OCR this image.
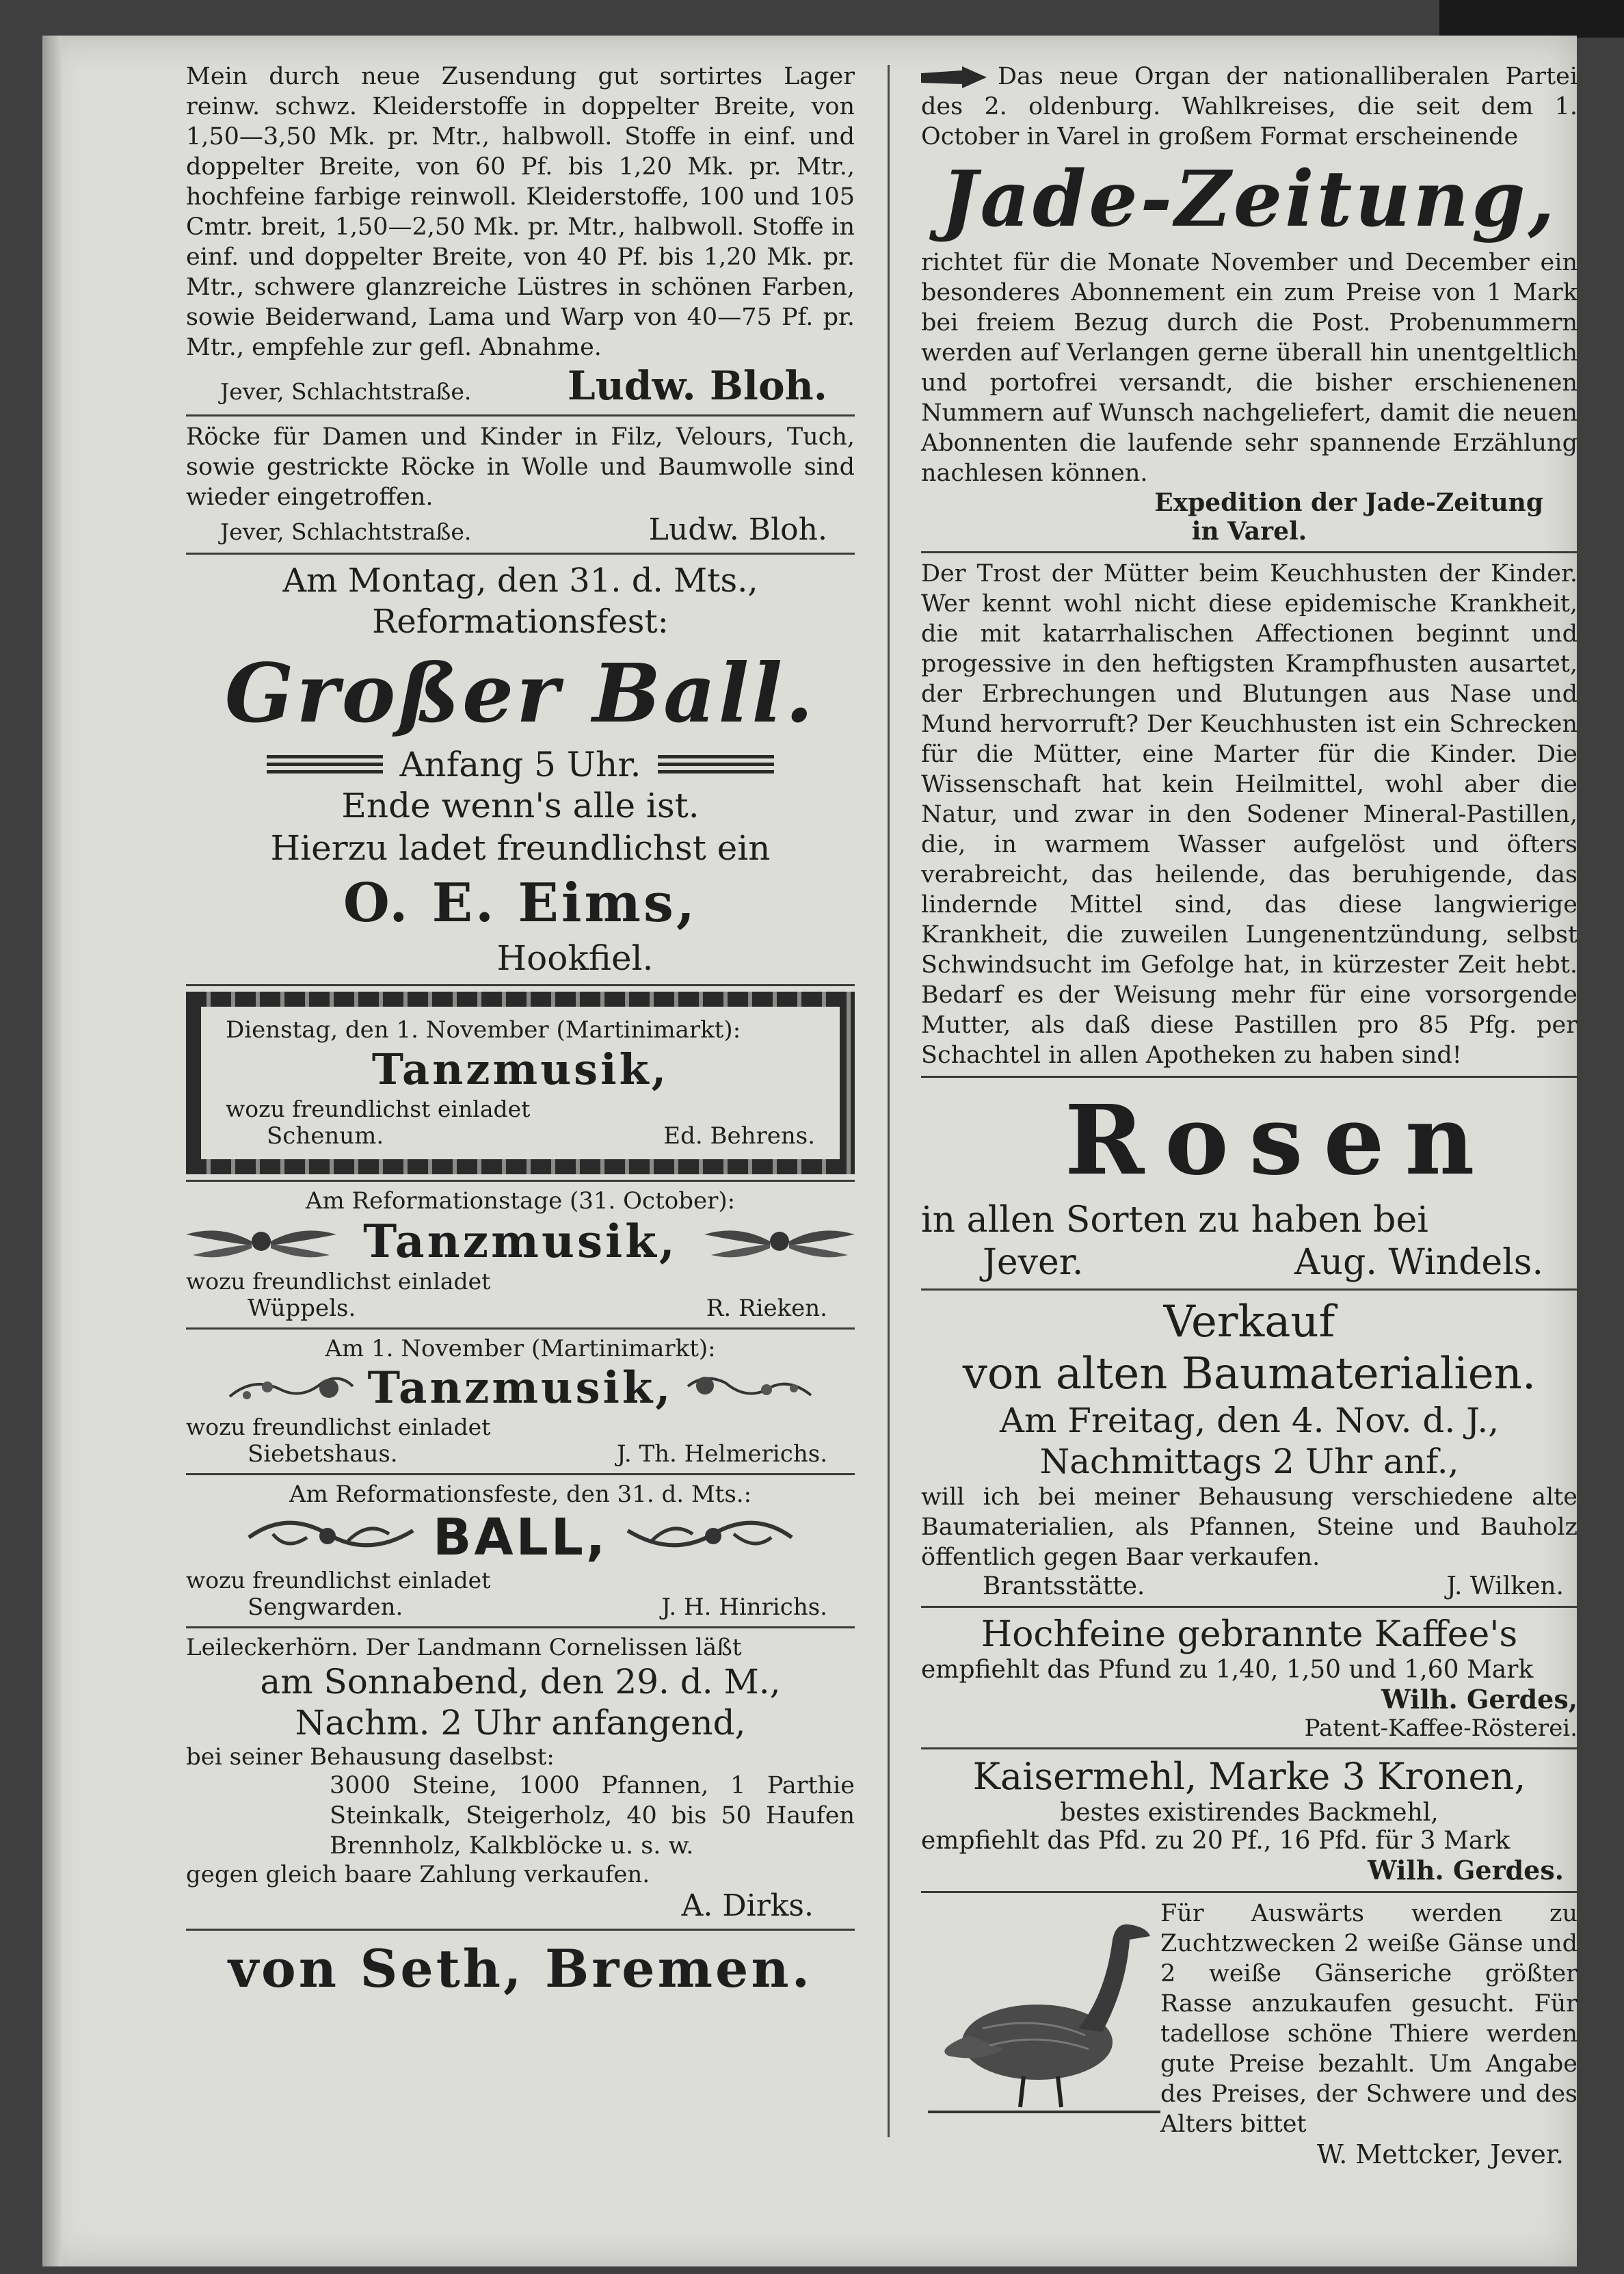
Mein durch neue Zusendung gut sortirtes Lager reinw. schwz. Kleiderstoffe in doppelter Breite, von 1,50—3,50 Mk. pr. Mtr., halbwoll. Stoffe in einf. und doppelter Breite, von 60 Pf. bis 1,20 Mk. pr. Mtr., hochfeine farbige reinwoll. Kleiderstoffe, 100 und 105 Cmtr. breit, 1,50—2,50 Mk. pr. Mtr., halbwoll. Stoffe in einf. und doppelter Breite, von 40 Pf. bis 1,20 Mk. pr. Mtr., schwere glanzreiche Lüstres in schönen Farben, sowie Beiderwand, Lama und Warp von 40—75 Pf. pr. Mtr., empfehle zur gefl. Abnahme.

Jever, Schlachtstraße. Ludw. Bloh.

Röcke für Damen und Kinder in Filz, Velours, Tuch, sowie gestrickte Röcke in Wolle und Baumwolle sind wieder eingetroffen.

Jever, Schlachtstraße.	Ludw. Bloh.
Am Montag, den 31. d. Mts.,
Reformationsfest:
Großer Ball.
Anfang 5 Uhr.
Ende wenn's alle ist.
Hierzu ladet freundlichst ein
O. E. Eims,
Hookfiel.
Dienstag, den 1. November (Martinimarkt):
Tanzmusik,
wozu freundlichst einladet
Schenum.	Ed. Behrens.
Am Reformationstage (31. October):
Tanzmusik,
wozu freundlichst einladet
Wüppels.	R. Rieken.
Am 1. November (Martinimarkt):
Tanzmusik,
wozu freundlichst einladet
Siebetshaus.	J. Th. Helmerichs.
Am Reformationsfeste, den 31. d. Mts.:
BALL,
wozu freundlichst einladet
Sengwarden.	J. H. Hinrichs.
Leileckerhörn. Der Landmann Cornelissen läßt
am Sonnabend, den 29. d. M.,
Nachm. 2 Uhr anfangend,
bei seiner Behausung daselbst:

3000 Steine, 1000 Pfannen, 1 Parthie Steinkalk, Steigerholz, 40 bis 50 Haufen Brennholz, Kalkblöcke u. s. w.

gegen gleich baare Zahlung verkaufen.
A. Dirks.
von Seth, Bremen.

Das neue Organ der nationalliberalen Partei des 2. oldenburg. Wahlkreises, die seit dem 1. October in Varel in großem Format erscheinende

Jade-Zeitung,

richtet für die Monate November und December ein besonderes Abonnement ein zum Preise von 1 Mark bei freiem Bezug durch die Post. Probenummern werden auf Verlangen gerne überall hin unentgeltlich und portofrei versandt, die bisher erschienenen Nummern auf Wunsch nachgeliefert, damit die neuen Abonnenten die laufende sehr spannende Erzählung nachlesen können.

Expedition der Jade-Zeitung
in Varel.

Der Trost der Mütter beim Keuchhusten der Kinder. Wer kennt wohl nicht diese epidemische Krankheit, die mit katarrhalischen Affectionen beginnt und progessive in den heftigsten Krampfhusten ausartet, der Erbrechungen und Blutungen aus Nase und Mund hervorruft? Der Keuchhusten ist ein Schrecken für die Mütter, eine Marter für die Kinder. Die Wissenschaft hat kein Heilmittel, wohl aber die Natur, und zwar in den Sodener Mineral-Pastillen, die, in warmem Wasser aufgelöst und öfters verabreicht, das heilende, das beruhigende, das lindernde Mittel sind, das diese langwierige Krankheit, die zuweilen Lungenentzündung, selbst Schwindsucht im Gefolge hat, in kürzester Zeit hebt. Bedarf es der Weisung mehr für eine vorsorgende Mutter, als daß diese Pastillen pro 85 Pfg. per Schachtel in allen Apotheken zu haben sind!

Rosen
in allen Sorten zu haben bei
Jever.	Aug. Windels.
Verkauf
von alten Baumaterialien.
Am Freitag, den 4. Nov. d. J.,
Nachmittags 2 Uhr anf.,

will ich bei meiner Behausung verschiedene alte Baumaterialien, als Pfannen, Steine und Bauholz öffentlich gegen Baar verkaufen.

Brantsstätte.	J. Wilken.
Hochfeine gebrannte Kaffee's
empfiehlt das Pfund zu 1,40, 1,50 und 1,60 Mark
Wilh. Gerdes,
Patent-Kaffee-Rösterei.
Kaisermehl, Marke 3 Kronen,
bestes existirendes Backmehl,
empfiehlt das Pfd. zu 20 Pf., 16 Pfd. für 3 Mark
Wilh. Gerdes.

Für Auswärts werden zu Zuchtzwecken 2 weiße Gänse und 2 weiße Gänseriche größter Rasse anzukaufen gesucht. Für tadellose schöne Thiere werden gute Preise bezahlt. Um Angabe des Preises, der Schwere und des Alters bittet

W. Mettcker, Jever.
